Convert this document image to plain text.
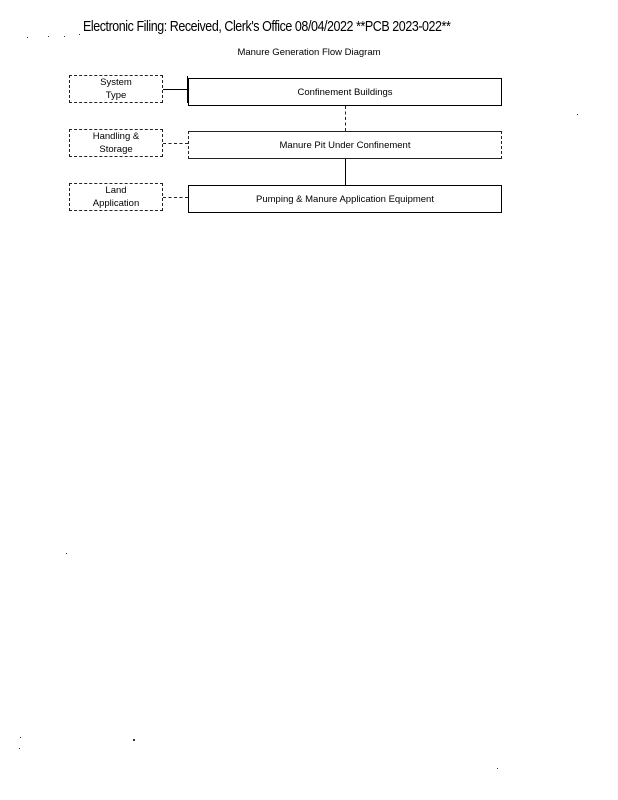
Electronic Filing: Received, Clerk's Office 08/04/2022 **PCB 2023-022**
Manure Generation Flow Diagram
System Type	Confinement Buildings
Handling & Storage	Manure Pit Under Confinement
Land Application	Pumping & Manure Application Equipment
